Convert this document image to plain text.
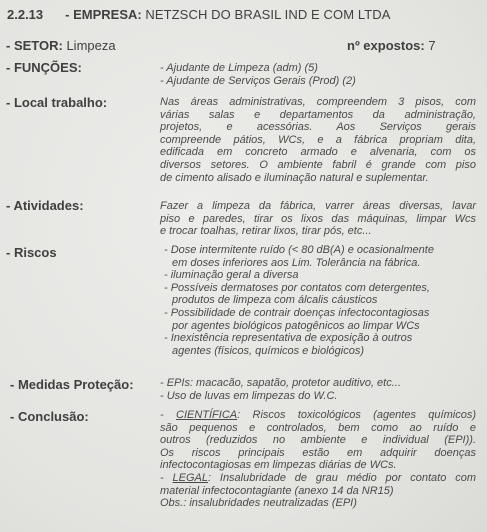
2.2.13 - EMPRESA: NETZSCH DO BRASIL IND E COM LTDA
- SETOR: Limpeza	nº expostos: 7
- FUNÇÕES:	- Ajudante de Limpeza (adm) (5)
- Ajudante de Serviços Gerais (Prod) (2)
- Local trabalho:	Nas áreas administrativas, compreendem 3 pisos, com
várias salas e departamentos da administração,
projetos, e acessórias. Aos Serviços gerais
compreende pátios, WCs, e a fábrica propriam dita,
edificada em concreto armado e alvenaria, com os
diversos setores. O ambiente fabril é grande com piso
de cimento alisado e iluminação natural e suplementar.
- Atividades:	Fazer a limpeza da fábrica, varrer áreas diversas, lavar
piso e paredes, tirar os lixos das máquinas, limpar Wcs
e trocar toalhas, retirar lixos, tirar pós, etc...
- Riscos	- Dose intermitente ruído (< 80 dB(A) e ocasionalmente
em doses inferiores aos Lim. Tolerância na fábrica.
- iluminação geral a diversa
- Possíveis dermatoses por contatos com detergentes,
produtos de limpeza com álcalis cáusticos
- Possibilidade de contrair doenças infectocontagiosas
por agentes biológicos patogênicos ao limpar WCs
- Inexistência representativa de exposição à outros
agentes (físicos, químicos e biológicos)
- Medidas Proteção: - EPIs: macacão, sapatão, protetor auditivo, etc...
- Uso de luvas em limpezas do W.C.
- Conclusão:	- CIENTÍFICA: Riscos toxicológicos (agentes químicos)
são pequenos e controlados, bem como ao ruído e
outros (reduzidos no ambiente e individual (EPI)).
Os riscos principais estão em adquirir doenças
infectocontagiosas em limpezas diárias de WCs.
- LEGAL: Insalubridade de grau médio por contato com
material infectocontagiante (anexo 14 da NR15)
Obs.: insalubridades neutralizadas (EPI)
